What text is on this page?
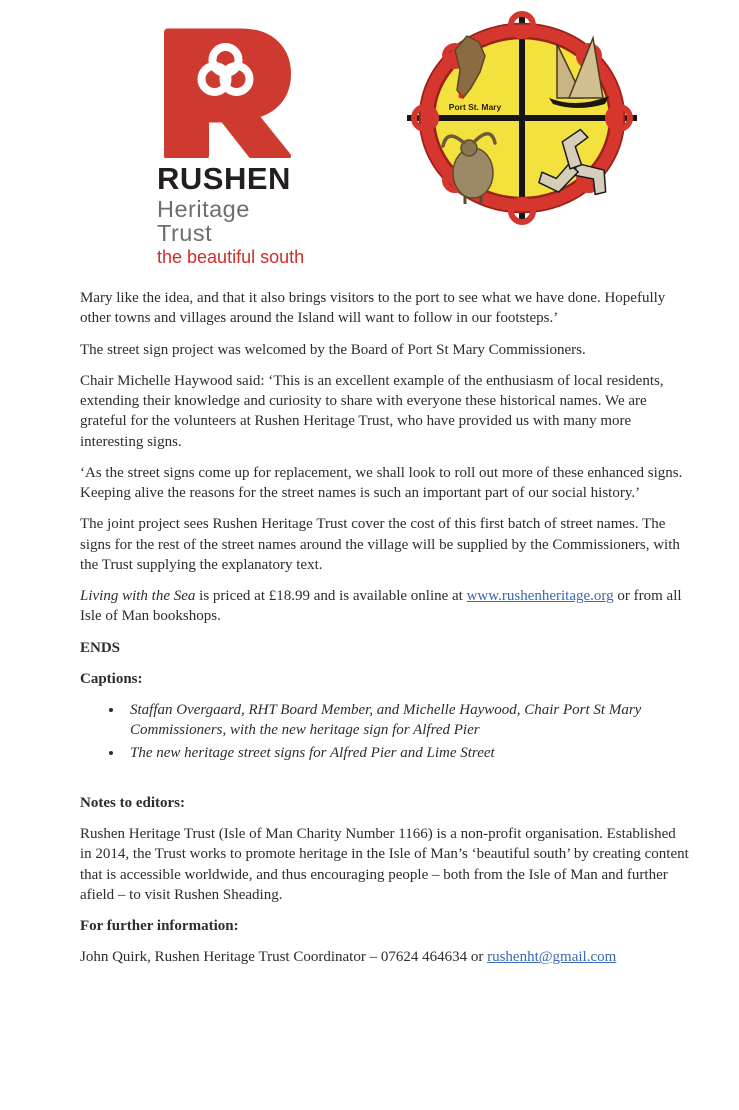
RUSHEN
Heritage Trust
the beautiful south
Port St. Mary

Mary like the idea, and that it also brings visitors to the port to see what we have done. Hopefully other towns and villages around the Island will want to follow in our footsteps.’

The street sign project was welcomed by the Board of Port St Mary Commissioners.

Chair Michelle Haywood said: ‘This is an excellent example of the enthusiasm of local residents, extending their knowledge and curiosity to share with everyone these historical names. We are grateful for the volunteers at Rushen Heritage Trust, who have provided us with many more interesting signs.

‘As the street signs come up for replacement, we shall look to roll out more of these enhanced signs. Keeping alive the reasons for the street names is such an important part of our social history.’

The joint project sees Rushen Heritage Trust cover the cost of this first batch of street names. The signs for the rest of the street names around the village will be supplied by the Commissioners, with the Trust supplying the explanatory text.

Living with the Sea is priced at £18.99 and is available online at www.rushenheritage.org or from all Isle of Man bookshops.

ENDS

Captions:

• Staffan Overgaard, RHT Board Member, and Michelle Haywood, Chair Port St Mary Commissioners, with the new heritage sign for Alfred Pier
• The new heritage street signs for Alfred Pier and Lime Street

Notes to editors:

Rushen Heritage Trust (Isle of Man Charity Number 1166) is a non-profit organisation. Established in 2014, the Trust works to promote heritage in the Isle of Man’s ‘beautiful south’ by creating content that is accessible worldwide, and thus encouraging people – both from the Isle of Man and further afield – to visit Rushen Sheading.

For further information:

John Quirk, Rushen Heritage Trust Coordinator – 07624 464634 or rushenht@gmail.com
